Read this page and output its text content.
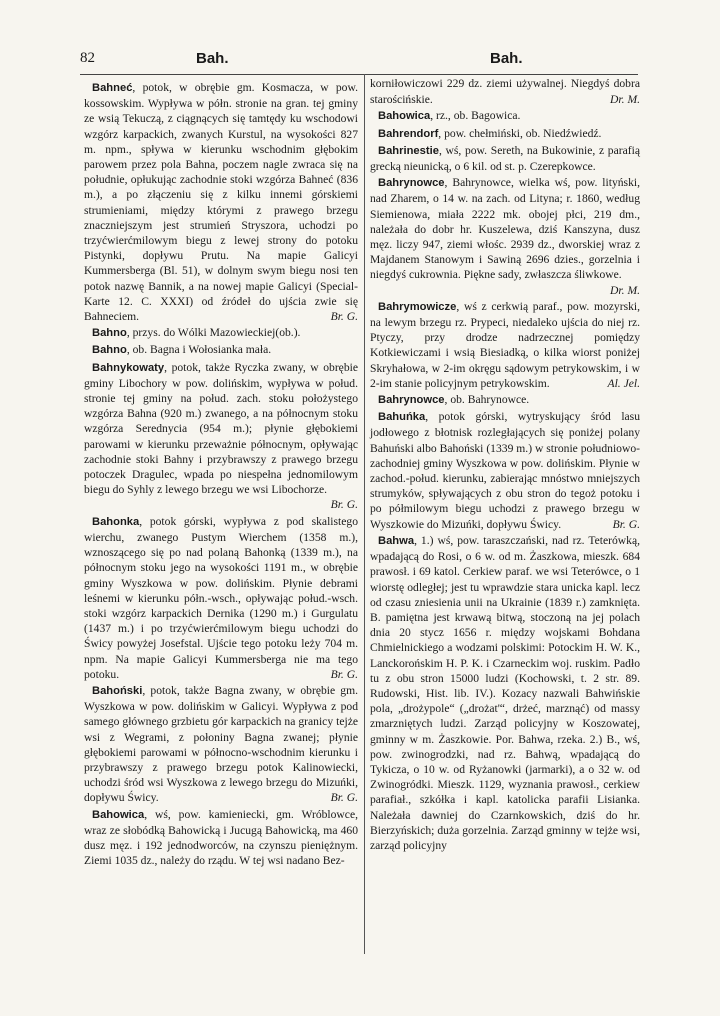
82	Bah.	Bah.

Bahneć, potok, w obrębie gm. Kosmacza, w pow. kossowskim. Wypływa w półn. stronie na gran. tej gminy ze wsią Tekuczą, z ciągnących się tamtędy ku wschodowi wzgórz karpackich, zwanych Kurstul, na wysokości 827 m. npm., spływa w kierunku wschodnim głębokim parowem przez pola Bahna, poczem nagle zwraca się na południe, opłukując zachodnie stoki wzgórza Bahneć (836 m.), a po złączeniu się z kilku innemi górskiemi strumieniami, między którymi z prawego brzegu znaczniejszym jest strumień Stryszora, uchodzi po trzyćwierćmilowym biegu z lewej strony do potoku Pistynki, dopływu Prutu. Na mapie Galicyi Kummersberga (Bl. 51), w dolnym swym biegu nosi ten potok nazwę Bannik, a na nowej mapie Galicyi (Special-Karte 12. C. XXXI) od źródeł do ujścia zwie się Bahneciem.	Br. G.

Bahno, przys. do Wólki Mazowieckiej(ob.).

Bahno, ob. Bagna i Wołosianka mała.

Bahnykowaty, potok, także Ryczka zwany, w obrębie gminy Libochory w pow. dolińskim, wypływa w połud. stronie tej gminy na połud. zach. stoku położystego wzgórza Bahna (920 m.) zwanego, a na północnym stoku wzgórza Serednycia (954 m.); płynie głębokiemi parowami w kierunku przeważnie północnym, opływając zachodnie stoki Bahny i przybrawszy z prawego brzegu potoczek Dragulec, wpada po niespełna jednomilowym biegu do Syhly z lewego brzegu we wsi Libochorze.
Br. G.

Bahonka, potok górski, wypływa z pod skalistego wierchu, zwanego Pustym Wierchem (1358 m.), wznoszącego się po nad polaną Bahonką (1339 m.), na północnym stoku jego na wysokości 1191 m., w obrębie gminy Wyszkowa w pow. dolińskim. Płynie debrami leśnemi w kierunku półn.-wsch., opływając połud.-wsch. stoki wzgórz karpackich Dernika (1290 m.) i Gurgulatu (1437 m.) i po trzyćwierćmilowym biegu uchodzi do Świcy powyżej Josefstal. Ujście tego potoku leży 704 m. npm. Na mapie Galicyi Kummersberga nie ma tego potoku.	Br. G.

Bahoński, potok, także Bagna zwany, w obrębie gm. Wyszkowa w pow. dolińskim w Galicyi. Wypływa z pod samego głównego grzbietu gór karpackich na granicy tejże wsi z Wegrami, z połoniny Bagna zwanej; płynie głębokiemi parowami w północno-wschodnim kierunku i przybrawszy z prawego brzegu potok Kalinowiecki, uchodzi śród wsi Wyszkowa z lewego brzegu do Mizuńki, dopływu Świcy.	Br. G.

Bahowica, wś, pow. kamieniecki, gm. Wróblowce, wraz ze słobódką Bahowicką i Jucugą Bahowicką, ma 460 dusz męz. i 192 jednodworców, na czynszu pieniężnym. Ziemi 1035 dz., należy do rządu. W tej wsi nadano Bez-

korniłowiczowi 229 dz. ziemi używalnej. Niegdyś dobra starościńskie.	Dr. M.

Bahowica, rz., ob. Bagowica.

Bahrendorf, pow. chełmiński, ob. Niedźwiedź.

Bahrinestie, wś, pow. Sereth, na Bukowinie, z parafią grecką nieunicką, o 6 kil. od st. p. Czerepkowce.

Bahrynowce, Bahrynowce, wielka wś, pow. lityński, nad Zharem, o 14 w. na zach. od Lityna; r. 1860, według Siemienowa, miała 2222 mk. obojej płci, 219 dm., należała do dobr hr. Kuszelewa, dziś Kanszyna, dusz męz. liczy 947, ziemi włośc. 2939 dz., dworskiej wraz z Majdanem Stanowym i Sawiną 2696 dzies., gorzelnia i niegdyś cukrownia. Piękne sady, zwłaszcza śliwkowe.
Dr. M.

Bahrymowicze, wś z cerkwią paraf., pow. mozyrski, na lewym brzegu rz. Prypeci, niedaleko ujścia do niej rz. Ptyczy, przy drodze nadrzecznej pomiędzy Kotkiewiczami i wsią Biesiadką, o kilka wiorst poniżej Skryhałowa, w 2-im okręgu sądowym petrykowskim, i w 2-im stanie policyjnym petrykowskim.	Al. Jel.

Bahrynowce, ob. Bahrynowce.

Bahuńka, potok górski, wytryskujący śród lasu jodłowego z błotnisk rozległających się poniżej polany Bahuński albo Bahoński (1339 m.) w stronie południowo-zachodniej gminy Wyszkowa w pow. dolińskim. Płynie w zachod.-połud. kierunku, zabierając mnóstwo mniejszych strumyków, spływających z obu stron do tegoż potoku i po półmilowym biegu uchodzi z prawego brzegu w Wyszkowie do Mizuńki, dopływu Świcy.	Br. G.

Bahwa, 1.) wś, pow. taraszczański, nad rz. Teterówką, wpadającą do Rosi, o 6 w. od m. Żaszkowa, mieszk. 684 prawosł. i 69 katol. Cerkiew paraf. we wsi Teterówce, o 1 wiorstę odległej; jest tu wprawdzie stara unicka kapl. lecz od czasu zniesienia unii na Ukrainie (1839 r.) zamknięta. B. pamiętna jest krwawą bitwą, stoczoną na jej polach dnia 20 stycz 1656 r. między wojskami Bohdana Chmielnickiego a wodzami polskimi: Potockim H. W. K., Lanckorońskim H. P. K. i Czarneckim woj. ruskim. Padło tu z obu stron 15000 ludzi (Kochowski, t. 2 str. 89. Rudowski, Hist. lib. IV.). Kozacy nazwali Bahwińskie pola, „drożypole“ („drożat'“, drżeć, marznąć) od massy zmarzniętych ludzi. Zarząd policyjny w Koszowatej, gminny w m. Żaszkowie. Por. Bahwa, rzeka. 2.) B., wś, pow. zwinogrodzki, nad rz. Bahwą, wpadającą do Tykicza, o 10 w. od Ryżanowki (jarmarki), a o 32 w. od Zwinogródki. Mieszk. 1129, wyznania prawosł., cerkiew parafiał., szkółka i kapl. katolicka parafii Lisianka. Należała dawniej do Czarnkowskich, dziś do hr. Bierzyńskich; duża gorzelnia. Zarząd gminny w tejże wsi, zarząd policyjny
